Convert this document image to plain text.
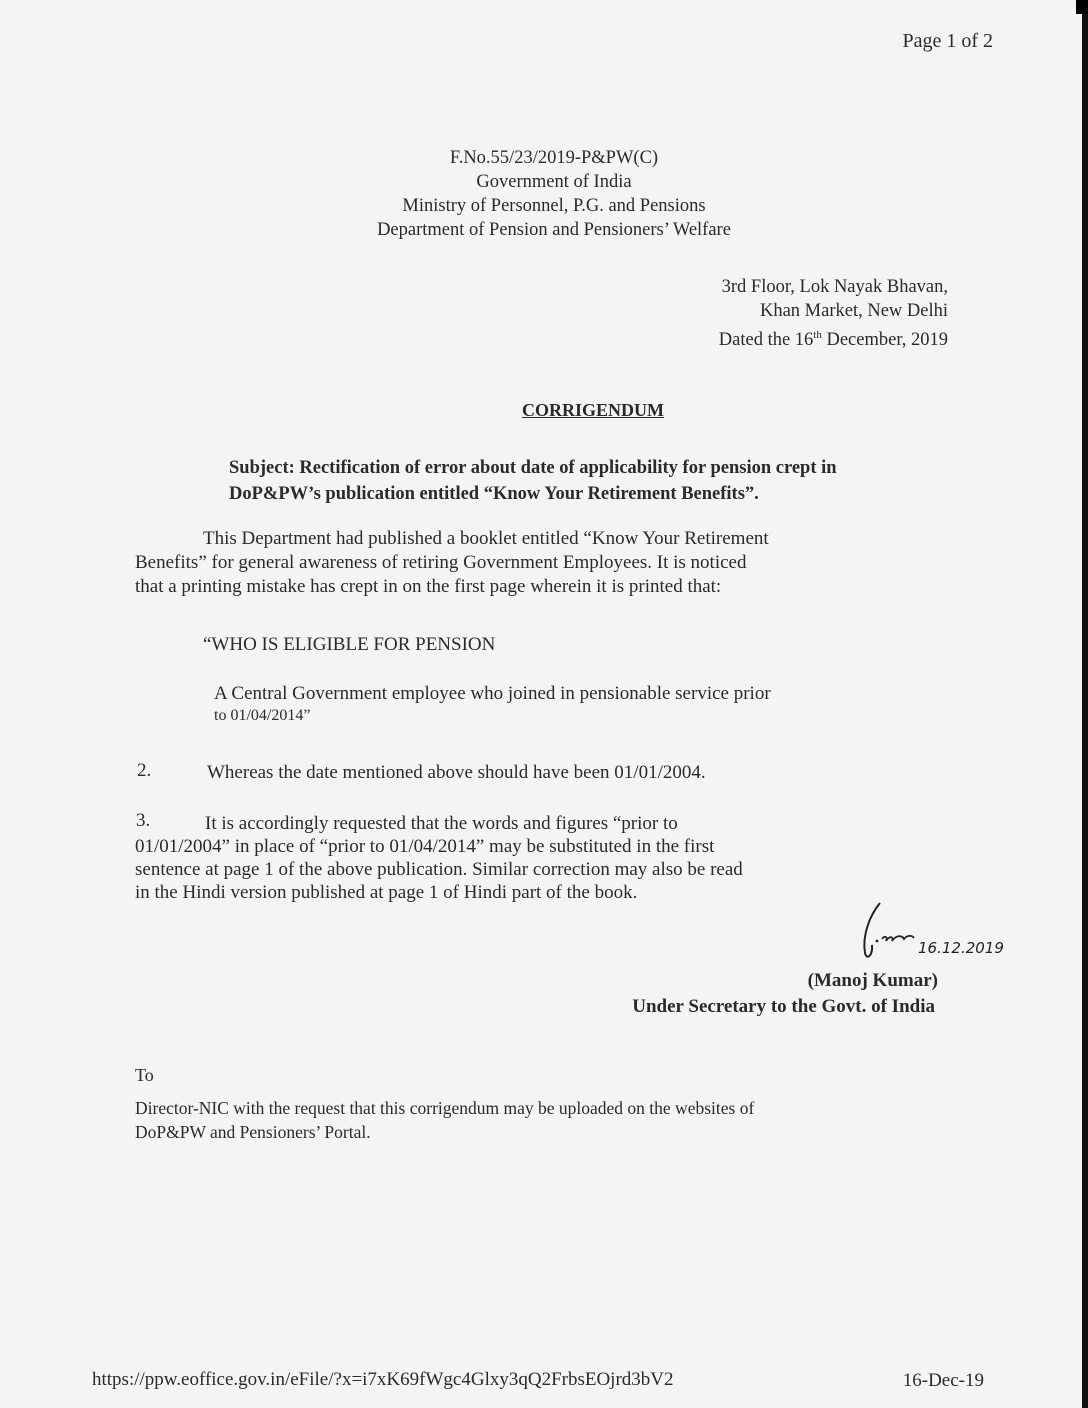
Page 1 of 2
F.No.55/23/2019-P&PW(C)
Government of India
Ministry of Personnel, P.G. and Pensions
Department of Pension and Pensioners’ Welfare
3rd Floor, Lok Nayak Bhavan,
Khan Market, New Delhi
Dated the 16th December, 2019
CORRIGENDUM
Subject: Rectification of error about date of applicability for pension crept in
DoP&PW’s publication entitled “Know Your Retirement Benefits”.
This Department had published a booklet entitled “Know Your Retirement
Benefits” for general awareness of retiring Government Employees. It is noticed
that a printing mistake has crept in on the first page wherein it is printed that:
“WHO IS ELIGIBLE FOR PENSION
A Central Government employee who joined in pensionable service prior
to 01/04/2014”
2.	Whereas the date mentioned above should have been 01/01/2004.
3.	It is accordingly requested that the words and figures “prior to
01/01/2004” in place of “prior to 01/04/2014” may be substituted in the first
sentence at page 1 of the above publication. Similar correction may also be read
in the Hindi version published at page 1 of Hindi part of the book.
16.12.2019
(Manoj Kumar)
Under Secretary to the Govt. of India
To
Director-NIC with the request that this corrigendum may be uploaded on the websites of
DoP&PW and Pensioners’ Portal.
https://ppw.eoffice.gov.in/eFile/?x=i7xK69fWgc4Glxy3qQ2FrbsEOjrd3bV2	16-Dec-19
